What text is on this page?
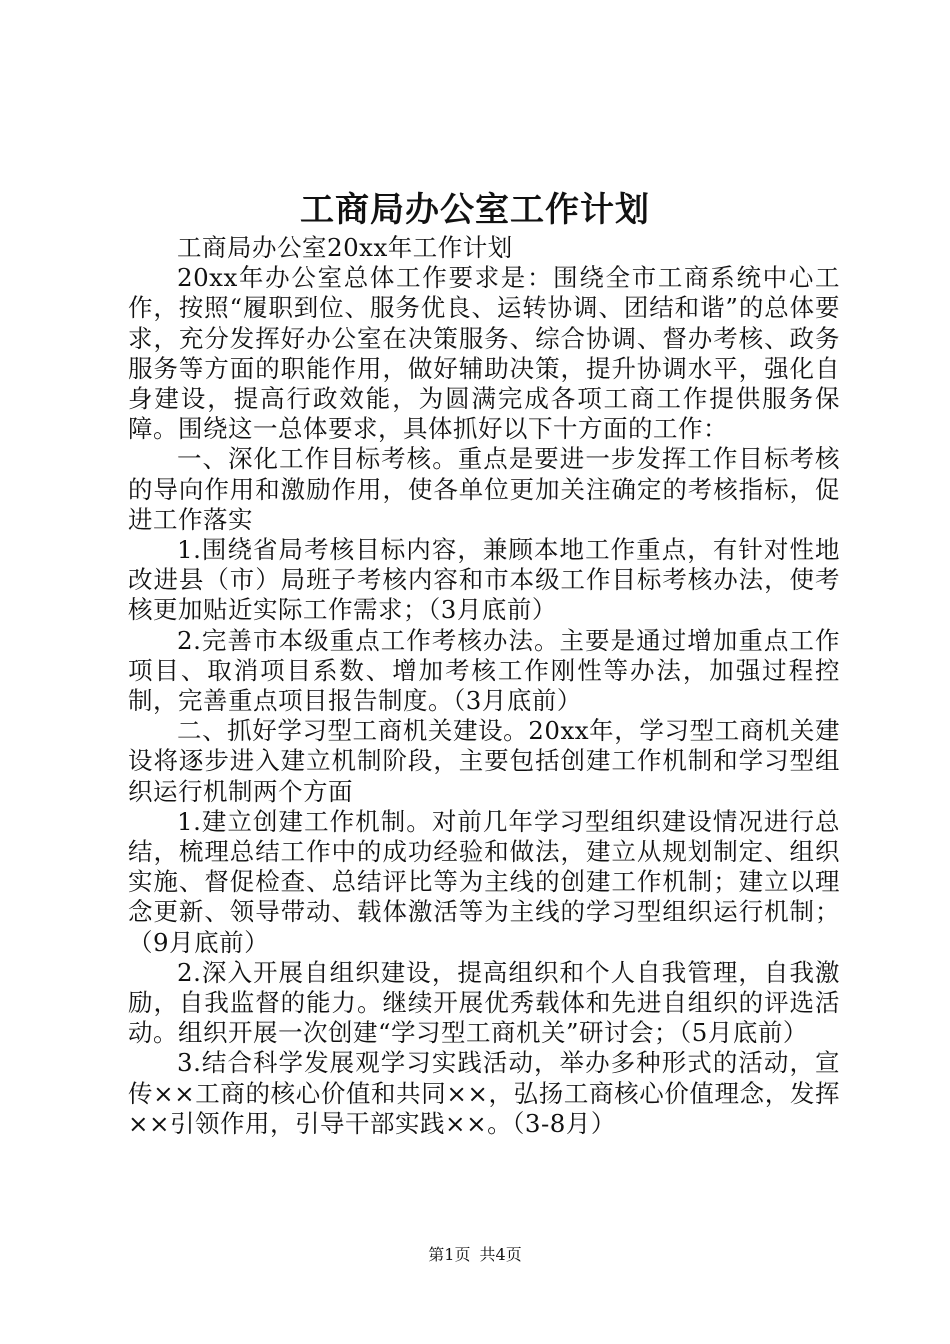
工商局办公室工作计划

工商局办公室20xx年工作计划

20xx年办公室总体工作要求是：围绕全市工商系统中心工作，按照“履职到位、服务优良、运转协调、团结和谐”的总体要求，充分发挥好办公室在决策服务、综合协调、督办考核、政务服务等方面的职能作用，做好辅助决策，提升协调水平，强化自身建设，提高行政效能，为圆满完成各项工商工作提供服务保障。围绕这一总体要求，具体抓好以下十方面的工作：

一、深化工作目标考核。重点是要进一步发挥工作目标考核的导向作用和激励作用，使各单位更加关注确定的考核指标，促进工作落实

1.围绕省局考核目标内容，兼顾本地工作重点，有针对性地改进县（市）局班子考核内容和市本级工作目标考核办法，使考核更加贴近实际工作需求；（3月底前）

2.完善市本级重点工作考核办法。主要是通过增加重点工作项目、取消项目系数、增加考核工作刚性等办法，加强过程控制，完善重点项目报告制度。（3月底前）

二、抓好学习型工商机关建设。20xx年，学习型工商机关建设将逐步进入建立机制阶段，主要包括创建工作机制和学习型组织运行机制两个方面

1.建立创建工作机制。对前几年学习型组织建设情况进行总结，梳理总结工作中的成功经验和做法，建立从规划制定、组织实施、督促检查、总结评比等为主线的创建工作机制；建立以理念更新、领导带动、载体激活等为主线的学习型组织运行机制；（9月底前）

2.深入开展自组织建设，提高组织和个人自我管理，自我激励，自我监督的能力。继续开展优秀载体和先进自组织的评选活动。组织开展一次创建“学习型工商机关”研讨会；（5月底前）

3.结合科学发展观学习实践活动，举办多种形式的活动，宣传××工商的核心价值和共同××，弘扬工商核心价值理念，发挥××引领作用，引导干部实践××。（3-8月）

第1页 共4页
